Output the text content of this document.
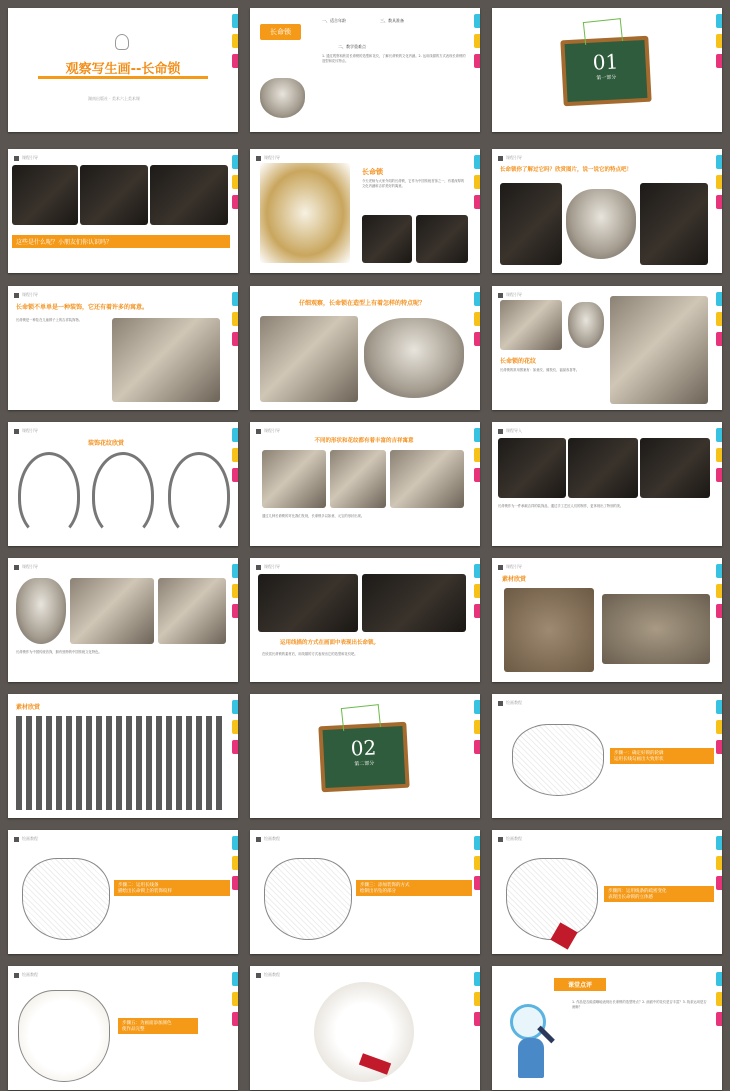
观察写生画--长命锁
湖南出版社 · 美术六上美术课
长命锁
一、适合年龄	三、教具准备
二、教学重难点
1. 通过观察和欣赏长命锁的造型和花纹，了解长命锁的文化内涵。2. 运用线描的方式表现长命锁的造型和花纹特点。	01
第一部分
课程引导
这些是什么呢？小朋友们你认识吗？
课程引导
长命锁
今天老师为大家介绍的长命锁，它作为中国传统首饰之一，有着深厚的文化内涵和吉祥美好的寓意。
课程引导
长命锁你了解过它吗？欣赏图片，说一说它的特点吧！
课程引导
长命锁不单单是一种装饰，它还有着许多的寓意。
长命锁是一种挂在儿童脖子上的吉祥装饰物。
仔细观察，长命锁在造型上有着怎样的特点呢？
课程引导
长命锁的花纹
长命锁的常用图案有：如意纹、缠枝纹、福禄寿喜等。
课程引导
装饰花纹欣赏
课程引导
不同的形状和花纹都有着丰富的吉祥寓意
通过几种长命锁的对比我们发现，长命锁多以如意、元宝的形状出现。
课程导入
长命锁作为一件承载吉祥的装饰品，通过手工艺匠人们的制作，更体现出了特别的美。
课程引导
长命锁作为中国传统首饰，拥有独特的中国传统文化特色。
课程引导
运用线描的方式在画面中表现出长命锁。
在欣赏长命锁的素材后，用线描的方式表现出它的造型和花纹吧。
课程引导
素材欣赏
素材欣赏
02
第二部分
绘画教程
步骤一：确定好锁的轮廓
运用长线勾画出大致形状
绘画教程
步骤二：运用长线条
描绘出长命锁上的装饰纹样
绘画教程
步骤三：添加装饰的方式
绘制出吊坠的部分
绘画教程
步骤四：运用线条的疏密变化
表现出长命锁的立体感
绘画教程
步骤五：为画面添加颜色
使作品完整
绘画教程
课堂点评
1. 作品是否能清晰地表现出长命锁的造型特点？2. 画面中的花纹是否丰富？3. 线条运用是否流畅？
